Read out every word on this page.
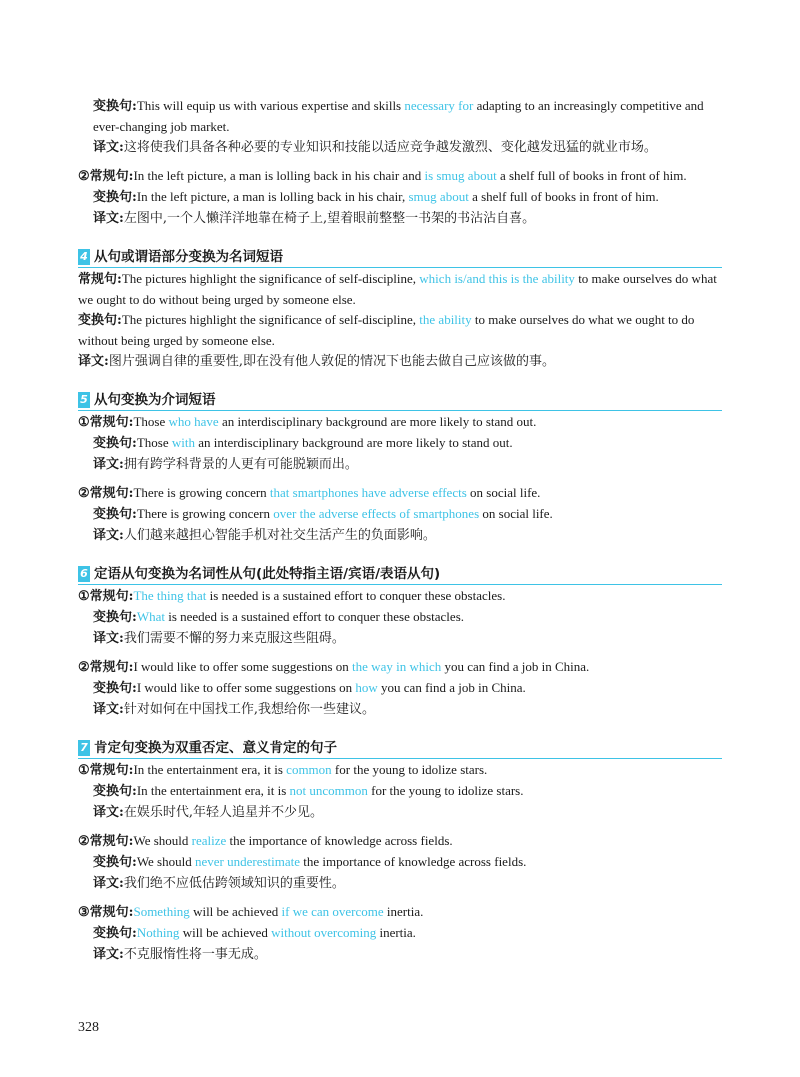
变换句:This will equip us with various expertise and skills necessary for adapting to an increasingly competitive and ever-changing job market.
译文:这将使我们具备各种必要的专业知识和技能以适应竞争越发激烈、变化越发迅猛的就业市场。
②常规句:In the left picture, a man is lolling back in his chair and is smug about a shelf full of books in front of him.
变换句:In the left picture, a man is lolling back in his chair, smug about a shelf full of books in front of him.
译文:左图中,一个人懒洋洋地靠在椅子上,望着眼前整整一书架的书沾沾自喜。
4 从句或谓语部分变换为名词短语
常规句:The pictures highlight the significance of self-discipline, which is/and this is the ability to make ourselves do what we ought to do without being urged by someone else.
变换句:The pictures highlight the significance of self-discipline, the ability to make ourselves do what we ought to do without being urged by someone else.
译文:图片强调自律的重要性,即在没有他人敦促的情况下也能去做自己应该做的事。
5 从句变换为介词短语
①常规句:Those who have an interdisciplinary background are more likely to stand out.
变换句:Those with an interdisciplinary background are more likely to stand out.
译文:拥有跨学科背景的人更有可能脱颖而出。
②常规句:There is growing concern that smartphones have adverse effects on social life.
变换句:There is growing concern over the adverse effects of smartphones on social life.
译文:人们越来越担心智能手机对社交生活产生的负面影响。
6 定语从句变换为名词性从句(此处特指主语/宾语/表语从句)
①常规句:The thing that is needed is a sustained effort to conquer these obstacles.
变换句:What is needed is a sustained effort to conquer these obstacles.
译文:我们需要不懈的努力来克服这些阻碍。
②常规句:I would like to offer some suggestions on the way in which you can find a job in China.
变换句:I would like to offer some suggestions on how you can find a job in China.
译文:针对如何在中国找工作,我想给你一些建议。
7 肯定句变换为双重否定、意义肯定的句子
①常规句:In the entertainment era, it is common for the young to idolize stars.
变换句:In the entertainment era, it is not uncommon for the young to idolize stars.
译文:在娱乐时代,年轻人追星并不少见。
②常规句:We should realize the importance of knowledge across fields.
变换句:We should never underestimate the importance of knowledge across fields.
译文:我们绝不应低估跨领域知识的重要性。
③常规句:Something will be achieved if we can overcome inertia.
变换句:Nothing will be achieved without overcoming inertia.
译文:不克服惰性将一事无成。
328
